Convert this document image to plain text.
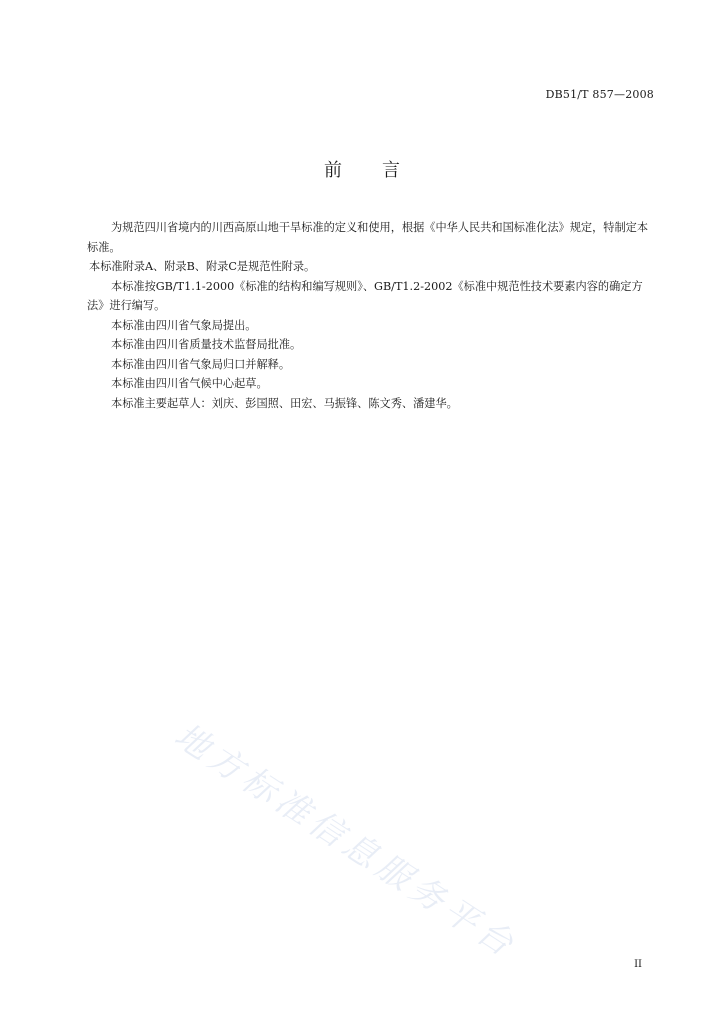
DB51/T 857—2008
前言

为规范四川省境内的川西高原山地干旱标准的定义和使用，根据《中华人民共和国标准化法》规定，特制定本标准。

本标准附录A、附录B、附录C是规范性附录。

本标准按GB/T1.1-2000《标准的结构和编写规则》、GB/T1.2-2002《标准中规范性技术要素内容的确定方法》进行编写。

本标准由四川省气象局提出。

本标准由四川省质量技术监督局批准。

本标准由四川省气象局归口并解释。

本标准由四川省气候中心起草。

本标准主要起草人：刘庆、彭国照、田宏、马振锋、陈文秀、潘建华。

地方标准信息服务平台	II
